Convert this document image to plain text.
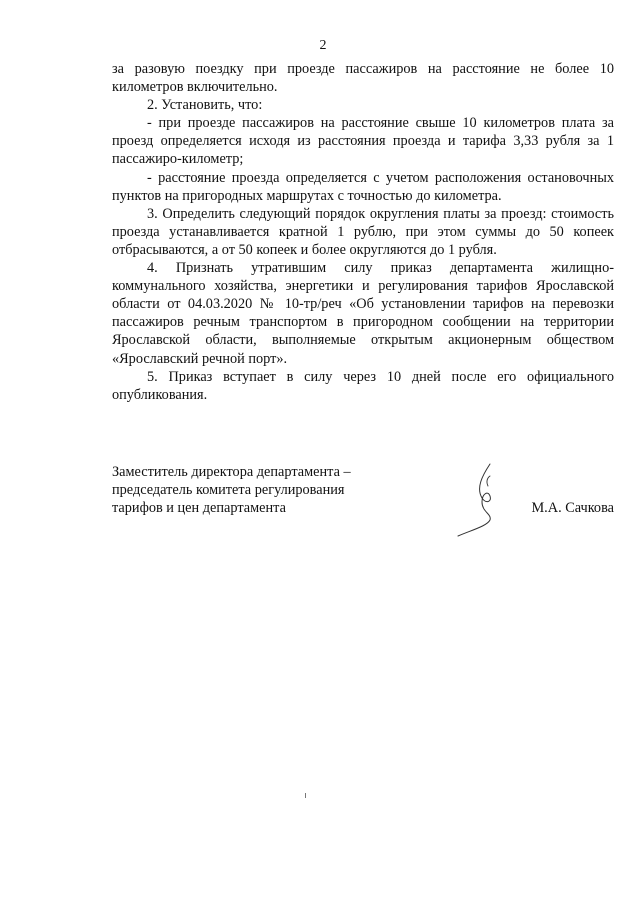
2

за разовую поездку при проезде пассажиров на расстояние не более 10 километров включительно.

2. Установить, что:

- при проезде пассажиров на расстояние свыше 10 километров плата за проезд определяется исходя из расстояния проезда и тарифа 3,33 рубля за 1 пассажиро-километр;

- расстояние проезда определяется с учетом расположения остановочных пунктов на пригородных маршрутах с точностью до километра.

3. Определить следующий порядок округления платы за проезд: стоимость проезда устанавливается кратной 1 рублю, при этом суммы до 50 копеек отбрасываются, а от 50 копеек и более округляются до 1 рубля.

4. Признать утратившим силу приказ департамента жилищно-коммунального хозяйства, энергетики и регулирования тарифов Ярославской области от 04.03.2020 № 10-тр/реч «Об установлении тарифов на перевозки пассажиров речным транспортом в пригородном сообщении на территории Ярославской области, выполняемые открытым акционерным обществом «Ярославский речной порт».

5. Приказ вступает в силу через 10 дней после его официального опубликования.

Заместитель директора департамента –
председатель комитета регулирования
тарифов и цен департамента	М.А. Сачкова
